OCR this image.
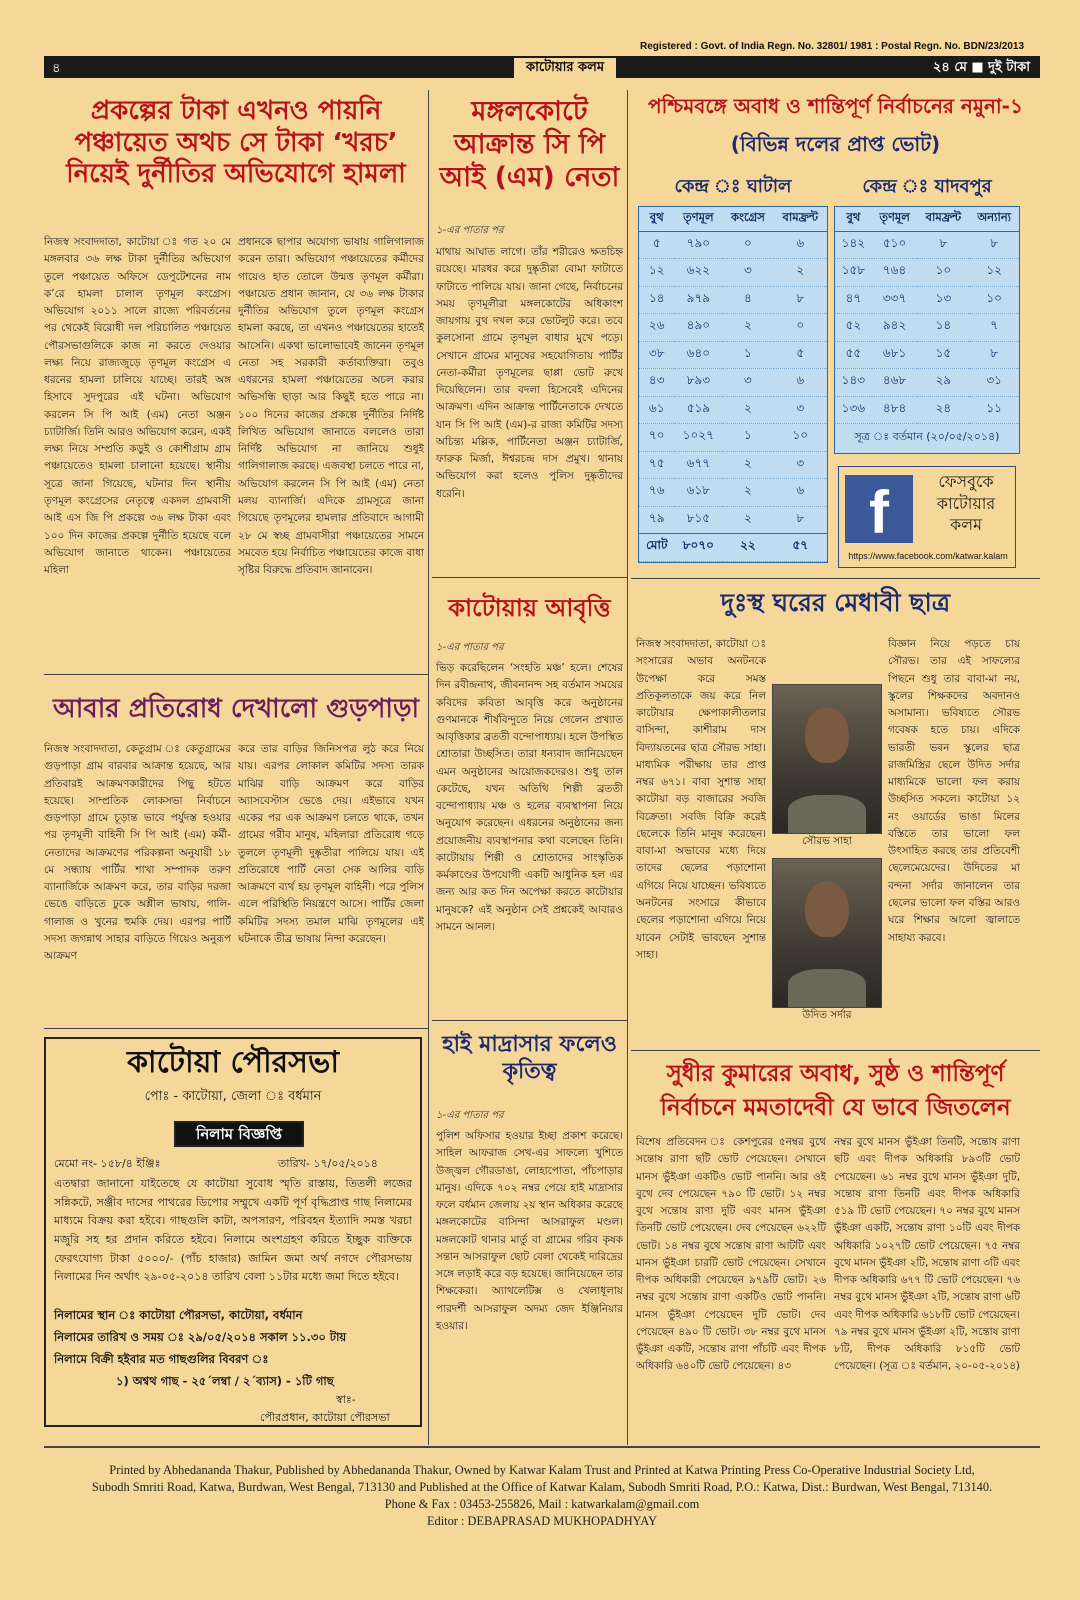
Registered : Govt. of India Regn. No. 32801/ 1981 : Postal Regn. No. BDN/23/2013
৪	কাটোয়ার কলম	২৪ মে ■ দুই টাকা
প্রকল্পের টাকা এখনও পায়নি পঞ্চায়েত অথচ সে টাকা ‘খরচ’ নিয়েই দুর্নীতির অভিযোগে হামলা
নিজস্ব সংবাদদাতা, কাটোয়া ঃ গত ২০ মে মঙ্গলবার ৩৬ লক্ষ টাকা দুর্নীতির অভিযোগ তুলে পঞ্চায়েত অফিসে ডেপুটেশনের নাম ক’রে হামলা চালাল তৃণমূল কংগ্রেস। অভিযোগ ২০১১ সালে রাজ্যে পরিবর্তনের পর থেকেই বিরোধী দল পরিচালিত পঞ্চায়েত পৌরসভাগুলিকে কাজ না করতে দেওয়ার লক্ষ্য নিয়ে রাজ্যজুড়ে তৃণমূল কংগ্রেস এ ধরনের হামলা চালিয়ে যাচ্ছে। তারই অঙ্গ হিসাবে সুদপুরের এই ঘটনা। অভিযোগ করলেন সি পি আই (এম) নেতা অঞ্জন চ্যাটার্জি। তিনি আরও অভিযোগ করেন, একই লক্ষ্য নিয়ে সম্প্রতি কড়ুই ও কোশীগ্রাম গ্রাম পঞ্চায়েতেও হামলা চালানো হয়েছে। স্থানীয় সূত্রে জানা গিয়েছে, ঘটনার দিন স্থানীয় তৃণমূল কংগ্রেসের নেতৃত্বে একদল গ্রামবাসী আই এস জি পি প্রকল্পে ৩৬ লক্ষ টাকা এবং ১০০ দিন কাজের প্রকল্পে দুর্নীতি হয়েছে বলে অভিযোগ জানাতে থাকেন। পঞ্চায়েতের মহিলা
প্রধানকে ছাপার অযোগ্য ভাষায় গালিগালাজ করেন তারা। অভিযোগ পঞ্চায়েতের কর্মীদের গায়েও হাত তোলে উন্মত্ত তৃণমূল কর্মীরা। পঞ্চায়েত প্রধান জানান, যে ৩৬ লক্ষ টাকার দুর্নীতির অভিযোগ তুলে তৃণমূল কংগ্রেস হামলা করছে, তা এখনও পঞ্চায়েতের হাতেই আসেনি। একথা ভালোভাবেই জানেন তৃণমূল নেতা সহ সরকারী কর্তাব্যক্তিরা। তবুও এধরনের হামলা পঞ্চায়েতের অচল করার অভিসন্ধি ছাড়া আর কিছুই হতে পারে না। ১০০ দিনের কাজের প্রকল্পে দুর্নীতির নির্দিষ্ট লিখিত অভিযোগ জানাতে বললেও তারা নির্দিষ্ট অভিযোগ না জানিয়ে শুধুই গালিগালাজ করছে। এজবস্থা চলতে পারে না, অভিযোগ করলেন সি পি আই (এম) নেতা মলয় ব্যানার্জি। এদিকে গ্রামসূত্রে জানা গিয়েছে তৃণমূলের হামলার প্রতিবাদে আগামী ২৮ মে স্বচ্ছ গ্রামবাসীরা পঞ্চায়েতের সামনে সমবেত হয়ে নির্বাচিত পঞ্চায়েতের কাজে বাধা সৃষ্টির বিরুদ্ধে প্রতিবাদ জানাবেন।
আবার প্রতিরোধ দেখালো গুড়পাড়া
নিজস্ব সংবাদদাতা, কেতুগ্রাম ঃ কেতুগ্রামের গুড়পাড়া গ্রাম বারবার আক্রান্ত হয়েছে, আর প্রতিবারই আক্রমণকারীদের পিছু হটতে হয়েছে। সাম্প্রতিক লোকসভা নির্বাচনে গুড়পাড়া গ্রামে চূড়ান্ত ভাবে পর্যুদস্ত হওয়ার পর তৃণমূলী বাহিনী সি পি আই (এম) কর্মী-নেতাদের আক্রমণের পরিকল্পনা অনুযায়ী ১৮ মে সন্ধ্যায় পার্টির শাখা সম্পাদক তরুণ ব্যানার্জিকে আক্রমণ করে, তার বাড়ির দরজা ভেঙে বাড়িতে ঢুকে অশ্লীল ভাষায়, গালি-গালাজ ও খুনের হুমকি দেয়। এরপর পার্টি সদস্য জগন্নাথ সাহার বাড়িতে গিয়েও অনুরূপ আক্রমণ
করে তার বাড়ির জিনিসপত্র লুঠ করে নিয়ে যায়। এরপর লোকাল কমিটির সদস্য তারক মাঝির বাড়ি আক্রমণ করে বাড়ির অ্যাসবেস্টাস ভেঙে দেয়। এইভাবে যখন একের পর এক আক্রমণ চলতে থাকে, তখন গ্রামের গরীব মানুষ, মহিলারা প্রতিরোধ গড়ে তুললে তৃণমূলী দুষ্কৃতীরা পালিয়ে যায়। এই প্রতিরোধে পার্টি নেতা সেক আলির বাড়ি আক্রমণে ব্যর্থ হয় তৃণমূল বাহিনী। পরে পুলিস এলে পরিস্থিতি নিয়ন্ত্রণে আসে। পার্টির জেলা কমিটির সদস্য তমাল মাঝি তৃণমূলের এই ঘটনাকে তীব্র ভাষায় নিন্দা করেছেন।
কাটোয়া পৌরসভা
পোঃ - কাটোয়া, জেলা ঃ বর্ধমান
নিলাম বিজ্ঞপ্তি
মেমো নং- ১৫৮/৪ ইঞ্জিঃ	তারিখ- ১৭/০৫/২০১৪
এতদ্বারা জানানো যাইতেছে যে কাটোয়া সুবোধ স্মৃতি রাস্তায়, তিতলী লজের সন্নিকটে, সঞ্জীব দাসের পাথরের ডিপোর সম্মুখে একটি পূর্ণ বৃদ্ধিপ্রাপ্ত গাছ নিলামের মাধ্যমে বিক্রয় করা হইবে। গাছগুলি কাটা, অপসারণ, পরিবহন ইত্যাদি সমস্ত খরচা মজুরি সহ হর প্রদান করিতে হইবে। নিলামে অংশগ্রহণ করিতে ইচ্ছুক ব্যক্তিকে ফেরৎযোগ্য টাকা ৫০০০/- (পাঁচ হাজার) জামিন জমা অর্থ নগদে পৌরসভায় নিলামের দিন অর্থাৎ ২৯-০৫-২০১৪ তারিখ বেলা ১১টার মধ্যে জমা দিতে হইবে।
নিলামের স্থান ঃ কাটোয়া পৌরসভা, কাটোয়া, বর্ধমান
নিলামের তারিখ ও সময় ঃ ২৯/০৫/২০১৪ সকাল ১১.৩০ টায়
নিলামে বিক্রী হইবার মত গাছগুলির বিবরণ ঃ
১) অশ্বথ গাছ - ২৫´লম্বা / ২´ব্যাস) - ১টি গাছ
স্বাঃ-
পৌরপ্রধান, কাটোয়া পৌরসভা
মঙ্গলকোটে আক্রান্ত সি পি আই (এম) নেতা
১-এর পাতার পর
মাথায় আঘাত লাগে। তাঁর শরীরেও ক্ষতচিহ্ন রয়েছে। মারধর করে দুষ্কৃতীরা বোমা ফাটাতে ফাটাতে পালিয়ে যায়। জানা গেছে, নির্বাচনের সময় তৃণমূলীরা মঙ্গলকোটের অধিকাংশ জায়গায় বুথ দখল করে ভোটলুট করে। তবে কুলসোনা গ্রামে তৃণমূল বাধার মুখে পড়ে। সেখানে গ্রামের মানুষের সহযোগিতায় পার্টির নেতা-কর্মীরা তৃণমূলের ছাপ্পা ভোট রুখে দিয়েছিলেন। তার বদলা হিসেবেই এদিনের আক্রমণ। এদিন আক্রান্ত পার্টিনেতাকে দেখতে যান সি পি আই (এম)-র রাজ্য কমিটির সদস্য অচিন্ত্য মল্লিক, পার্টিনেতা অঞ্জন চ্যাটার্জি, ফারুক মির্জা, ঈশ্বরচন্দ্র দাস প্রমুখ। থানায় অভিযোগ করা হলেও পুলিস দুষ্কৃতীদের ধরেনি।
কাটোয়ায় আবৃত্তি
১-এর পাতার পর
ভিড় করেছিলেন ‘সংহতি মঞ্চ’ হলে। শেষের দিন রবীন্দ্রনাথ, জীবনানন্দ সহ বর্তমান সময়ের কবিদের কবিতা আবৃত্তি করে অনুষ্ঠানের গুণমানকে শীর্ষবিন্দুতে নিয়ে গেলেন প্রখ্যাত আবৃত্তিকার ব্রততী বন্দোপাধ্যায়। হলে উপস্থিত শ্রোতারা উচ্ছসিত। তারা ধন্যবাদ জানিয়েছেন এমন অনুষ্ঠানের আয়োজকদেরও। শুধু তাল কেটেছে, যখন অতিথি শিল্পী ব্রততী বন্দোপাধ্যায় মঞ্চ ও হলের ব্যবস্থাপনা নিয়ে অনুযোগ করেছেন। এধরনের অনুষ্ঠানের জন্য প্রয়োজনীয় ব্যবস্থাপনার কথা বলেছেন তিনি। কাটোয়ায় শিল্পী ও শ্রোতাদের সাংস্কৃতিক কর্মকাণ্ডের উপযোগী একটি আধুনিক হল এর জন্য আর কত দিন অপেক্ষা করতে কাটোয়ার মানুষকে? এই অনুষ্ঠান সেই প্রশ্নকেই আবারও সামনে আনল।
হাই মাদ্রাসার ফলেও কৃতিত্ব
১-এর পাতার পর
পুলিশ অফিসার হওয়ার ইচ্ছা প্রকাশ করেছে। সাহিল আফরাজ সেখ-এর সাফল্যে খুশিতে উজ্জ্বল গৌরডাঙা, লোহাপোতা, পাঁচপাড়ার মানুষ। এদিকে ৭০২ নম্বর পেয়ে হাই মাদ্রাসার ফলে বর্ধমান জেলায় ২য় স্থান অধিকার করেছে মঙ্গলকোটের বাসিন্দা আসরাফুল মণ্ডল। মঙ্গলকোট থানার মার্তু বা গ্রামের গরিব কৃষক সন্তান আসরাফুল ছোট বেলা থেকেই দারিদ্রের সঙ্গে লড়াই করে বড় হয়েছে। জানিয়েছেন তার শিক্ষকেরা। অ্যাথলেটিক্স ও খেলাধূলায় পারদর্শী আসরাফুল অদম্য জেদ ইঞ্জিনিয়ার হওয়ার।
পশ্চিমবঙ্গে অবাধ ও শান্তিপূর্ণ নির্বাচনের নমুনা-১
(বিভিন্ন দলের প্রাপ্ত ভোট)
কেন্দ্র ঃ ঘাটাল	কেন্দ্র ঃ যাদবপুর
বুথ	তৃণমূল	কংগ্রেস	বামফ্রন্ট
৫	৭৯০	০	৬
১২	৬২২	৩	২
১৪	৯৭৯	৪	৮
২৬	৪৯০	২	০
৩৮	৬৪০	১	৫
৪৩	৮৯৩	৩	৬
৬১	৫১৯	২	৩
৭০	১০২৭	১	১০
৭৫	৬৭৭	২	৩
৭৬	৬১৮	২	৬
৭৯	৮১৫	২	৮
মোট	৮০৭০	২২	৫৭
বুথ	তৃণমূল	বামফ্রন্ট	অন্যান্য
১৪২	৫১০	৮	৮
১৫৮	৭৬৪	১০	১২
৪৭	৩৩৭	১৩	১০
৫২	৯৪২	১৪	৭
৫৫	৬৮১	১৫	৮
১৪৩	৪৬৮	২৯	৩১
১৩৬	৪৮৪	২৪	১১
সূত্র ঃ বর্তমান (২০/০৫/২০১৪)
f	ফেসবুকে
কাটোয়ার
কলম
https://www.facebook.com/katwar.kalam
দুঃস্থ ঘরের মেধাবী ছাত্র
নিজস্ব সংবাদদাতা, কাটোয়া ঃ সংসারের অভাব অনটনকে উপেক্ষা করে সমস্ত প্রতিকূলতাকে জয় করে নিল কাটোয়ার ক্ষেপাকালীতলার বাসিন্দা, কাশীরাম দাস বিদ্যায়তনের ছাত্র সৌরভ সাহা। মাধ্যমিক পরীক্ষায় তার প্রাপ্ত নম্বর ৬৭১। বাবা সুশান্ত সাহা কাটোয়া বড় বাজারের সবজি বিক্রেতা। সবজি বিক্রি করেই ছেলেকে তিনি মানুষ করেছেন। বাবা-মা অভাবের মধ্যে দিয়ে তাদের ছেলের পড়াশোনা এগিয়ে নিয়ে যাচ্ছেন। ভবিষ্যতে অনটনের সংসারে কীভাবে ছেলের পড়াশোনা এগিয়ে নিয়ে যাবেন সেটাই ভাবছেন সুশান্ত সাহা।
সৌরভ সাহা
উদিত সর্দার
বিজ্ঞান নিয়ে পড়তে চায় সৌরভ। তার এই সাফল্যের পিছনে শুধু তার বাবা-মা নয়, স্কুলের শিক্ষকদের অবদানও অসামান্য। ভবিষ্যতে সৌরভ গবেষক হতে চায়। এদিকে ভারতী ভবন স্কুলের ছাত্র রাজমিস্ত্রির ছেলে উদিত সর্দার মাধ্যমিকে ভালো ফল করায় উচ্ছসিত সকলে। কাটোয়া ১২ নং ওয়ার্ডের ভাঙা মিলের বস্তিতে তার ভালো ফল উৎসাহিত করছে তার প্রতিবেশী ছেলেমেয়েদের। উদিতের মা বন্দনা সর্দার জানালেন তার ছেলের ভালো ফল বস্তির আরও ঘরে শিক্ষার আলো জ্বালাতে সাহায্য করবে।
সুধীর কুমারের অবাধ, সুষ্ঠ ও শান্তিপূর্ণ
নির্বাচনে মমতাদেবী যে ভাবে জিতলেন
বিশেষ প্রতিবেদন ঃ কেশপুরের ৫নম্বর বুথে সন্তোষ রাণা ছটি ভোট পেয়েছেন। সেখানে মানস ভুঁইঞা একটিও ভোট পাননি। আর ওই বুথে দেব পেয়েছেন ৭৯০ টি ভোট। ১২ নম্বর বুথে সন্তোষ রাণা দুটি এবং মানস ভুঁইঞা তিনটি ভোট পেয়েছেন। দেব পেয়েছেন ৬২২টি ভোট। ১৪ নম্বর বুথে সন্তোষ রাণা আটটি এবং মানস ভুঁইঞা চারটি ভোট পেয়েছেন। সেখানে দীপক অধিকারী পেয়েছেন ৯৭৯টি ভোট। ২৬ নম্বর বুথে সন্তোষ রাণা একটিও ভোট পাননি। মানস ভুঁইঞা পেয়েছেন দুটি ভোট। দেব পেয়েছেন ৪৯০ টি ভোট। ৩৮ নম্বর বুথে মানস ভুঁইঞা একটি, সন্তোষ রাণা পাঁচটি এবং দীপক অধিকারি ৬৪০টি ভোট পেয়েছেন। ৪৩
নম্বর বুথে মানস ভুঁইঞা তিনটি, সন্তোষ রাণা ছটি এবং দীপক অধিকারি ৮৯৩টি ভোট পেয়েছেন। ৬১ নম্বর বুথে মানস ভুঁইঞা দুটি, সন্তোষ রাণা তিনটি এবং দীপক অধিকারি ৫১৯ টি ভোট পেয়েছেন। ৭০ নম্বর বুথে মানস ভুঁইঞা একটি, সন্তোষ রাণা ১০টি এবং দীপক অধিকারি ১০২৭টি ভোট পেয়েছেন। ৭৫ নম্বর বুথে মানস ভুঁইঞা ২টি, সন্তোষ রাণা ৩টি এবং দীপক অধিকারি ৬৭৭ টি ভোট পেয়েছেন। ৭৬ নম্বর বুথে মানস ভুঁইঞা ২টি, সন্তোষ রাণা ৬টি এবং দীপক অধিকারি ৬১৮টি ভোট পেয়েছেন। ৭৯ নম্বর বুথে মানস ভুঁইঞা ২টি, সন্তোষ রাণা ৮টি, দীপক অধিকারি ৮১৫টি ভোট পেয়েছেন। (সূত্র ঃ বর্তমান, ২০-০৫-২০১৪)
Printed by Abhedananda Thakur, Published by Abhedananda Thakur, Owned by Katwar Kalam Trust and Printed at Katwa Printing Press Co-Operative Industrial Society Ltd,
Subodh Smriti Road, Katwa, Burdwan, West Bengal, 713130 and Published at the Office of Katwar Kalam, Subodh Smriti Road, P.O.: Katwa, Dist.: Burdwan, West Bengal, 713140.
Phone & Fax : 03453-255826, Mail : katwarkalam@gmail.com
Editor : DEBAPRASAD MUKHOPADHYAY
